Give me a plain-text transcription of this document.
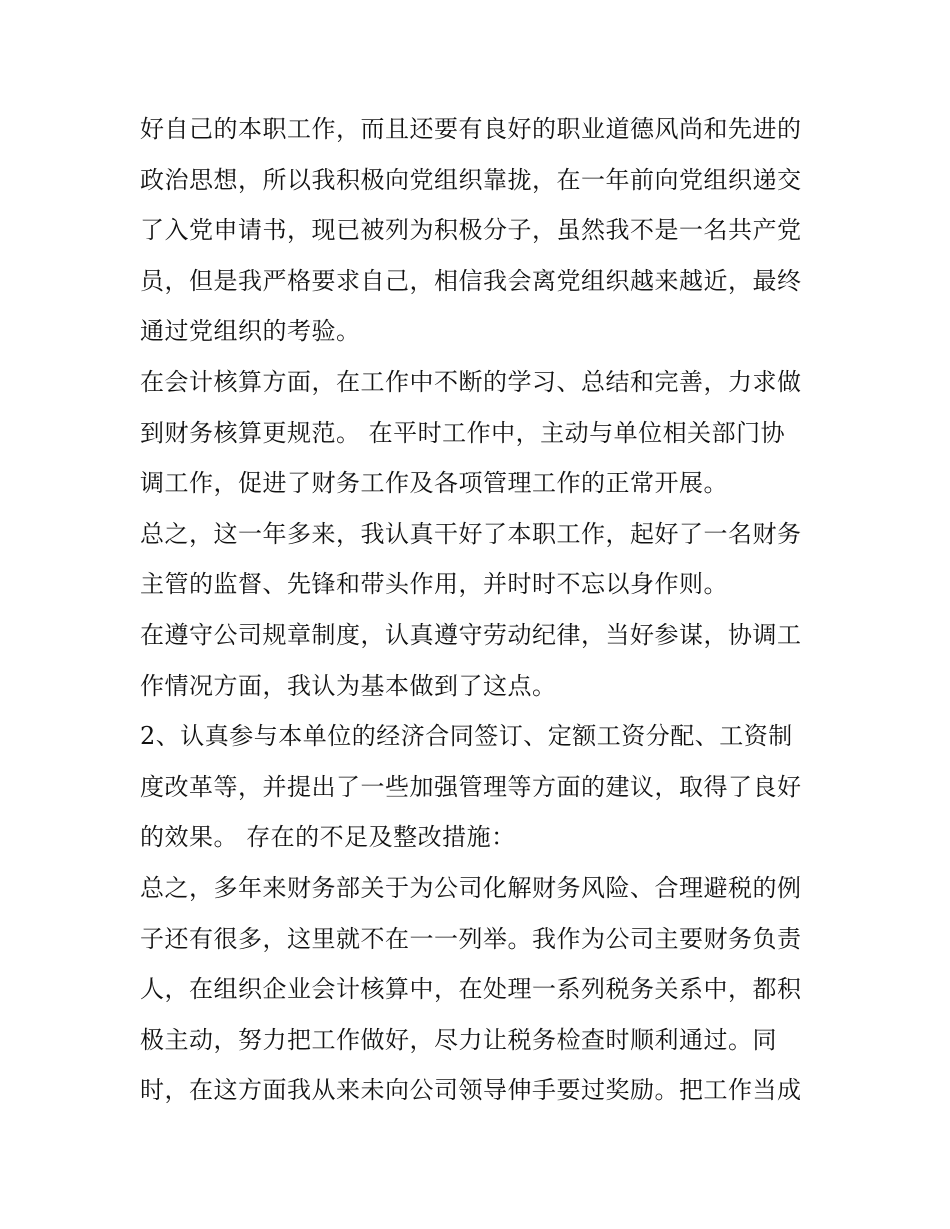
好自己的本职工作，而且还要有良好的职业道德风尚和先进的
政治思想，所以我积极向党组织靠拢，在一年前向党组织递交
了入党申请书，现已被列为积极分子，虽然我不是一名共产党
员，但是我严格要求自己，相信我会离党组织越来越近，最终
通过党组织的考验。
在会计核算方面，在工作中不断的学习、总结和完善，力求做
到财务核算更规范。 在平时工作中，主动与单位相关部门协
调工作，促进了财务工作及各项管理工作的正常开展。
总之，这一年多来，我认真干好了本职工作，起好了一名财务
主管的监督、先锋和带头作用，并时时不忘以身作则。
在遵守公司规章制度，认真遵守劳动纪律，当好参谋，协调工
作情况方面，我认为基本做到了这点。
2、认真参与本单位的经济合同签订、定额工资分配、工资制
度改革等，并提出了一些加强管理等方面的建议，取得了良好
的效果。 存在的不足及整改措施：
总之，多年来财务部关于为公司化解财务风险、合理避税的例
子还有很多，这里就不在一一列举。我作为公司主要财务负责
人，在组织企业会计核算中，在处理一系列税务关系中，都积
极主动，努力把工作做好，尽力让税务检查时顺利通过。同
时，在这方面我从来未向公司领导伸手要过奖励。把工作当成
